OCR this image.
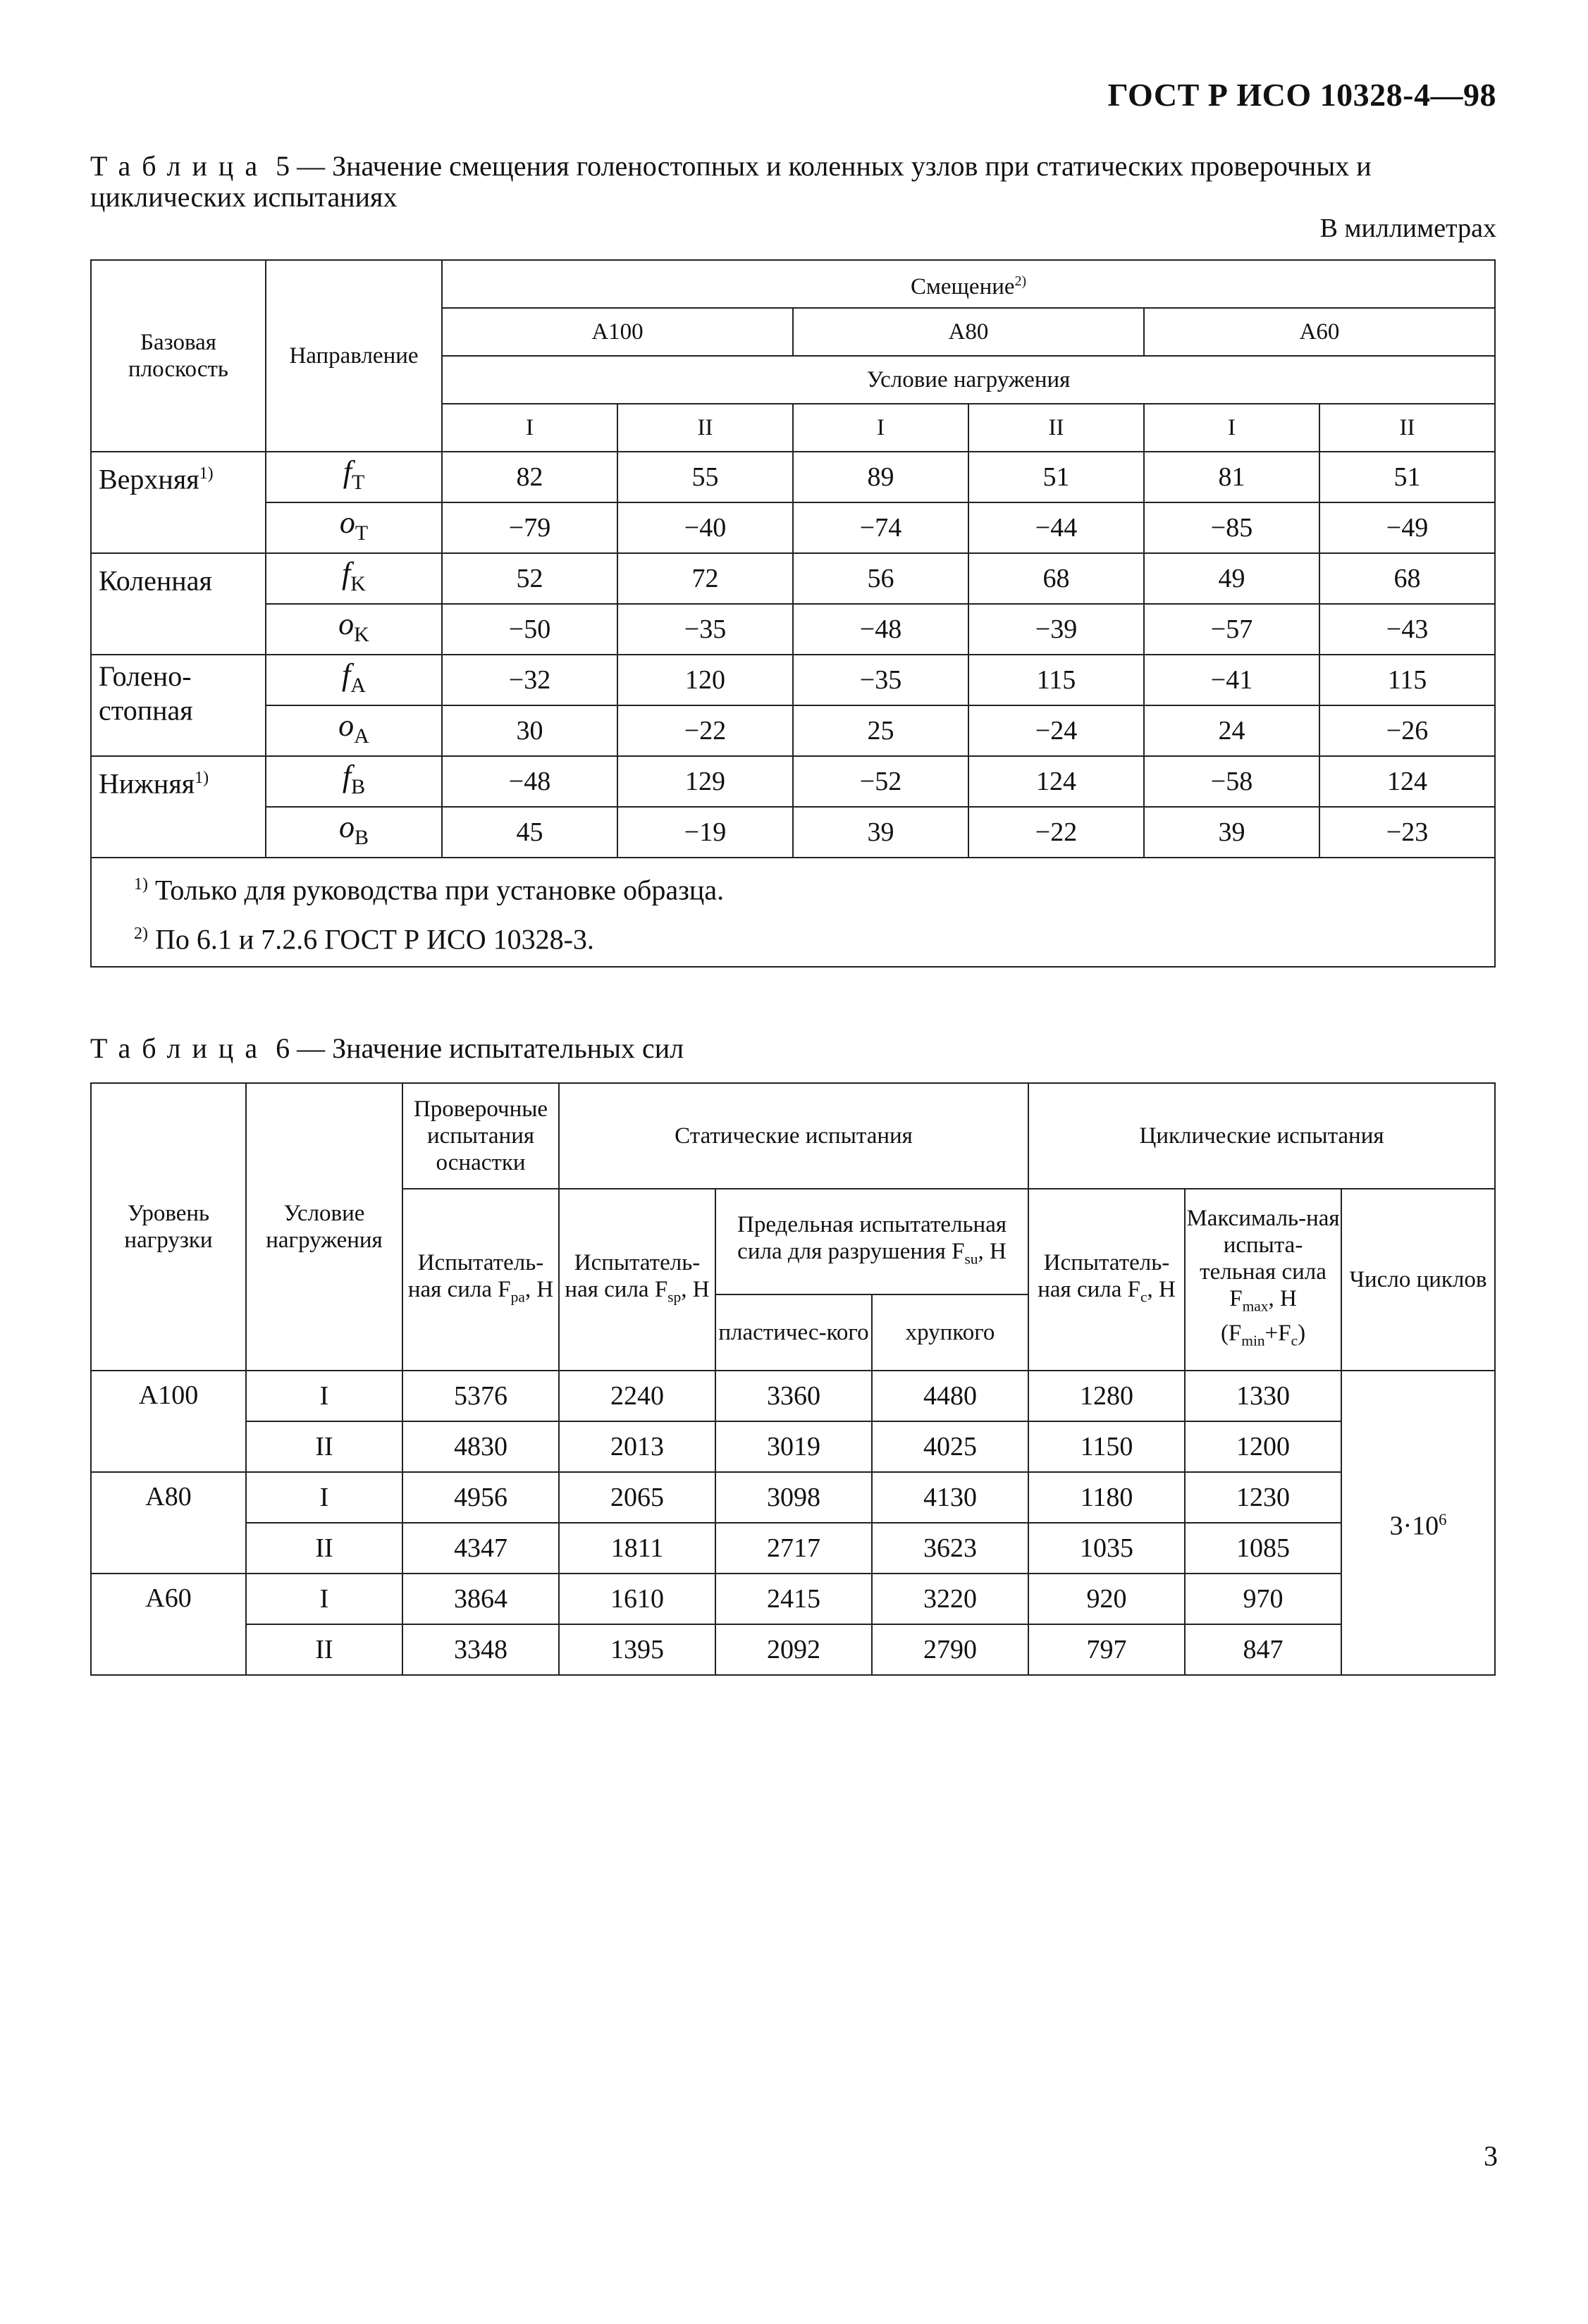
ГОСТ Р ИСО 10328-4—98
Таблица 5 — Значение смещения голеностопных и коленных узлов при статических проверочных и циклических испытаниях
В миллиметрах
Базовая плоскость	Направление	Смещение$^{2)}$
		А100		А80		А60	
		Условие нагружения					
		I	II	I	II	I	II
Верхняя$^{1)}$	$f_T$	82	55	89	51	81	51
	$o_T$	−79	−40	−74	−44	−85	−49
Коленная	$f_K$	52	72	56	68	49	68
	$o_K$	−50	−35	−48	−39	−57	−43
Голено-стопная	$f_A$	−32	120	−35	115	−41	115
	$o_A$	30	−22	25	−24	24	−26
Нижняя$^{1)}$	$f_B$	−48	129	−52	124	−58	124
	$o_B$	45	−19	39	−22	39	−23

$^{1)}$ Только для руководства при установке образца.
$^{2)}$ По 6.1 и 7.2.6 ГОСТ Р ИСО 10328-3.							
Таблица 6 — Значение испытательных сил
Уровень нагрузки	Условие нагружения	Проверочные испытания оснастки	Статические испытания			Циклические испытания		
		Испытатель-ная сила $F_{pa}$, Н	Испытатель-ная сила $F_{sp}$, Н	Предельная испытательная сила для разрушения $F_{su}$, Н		Испытатель-ная сила $F_c$, Н	Максималь-ная испыта-тельная сила $F_{max}$, Н $(F_{min}+F_c)$	Число циклов
				пластичес-кого	хрупкого			
А100	I	5376	2240	3360	4480	1280	1330	$3\cdot 10^6$
	II	4830	2013	3019	4025	1150	1200	
А80	I	4956	2065	3098	4130	1180	1230	
	II	4347	1811	2717	3623	1035	1085	
А60	I	3864	1610	2415	3220	920	970	
	II	3348	1395	2092	2790	797	847	
3
